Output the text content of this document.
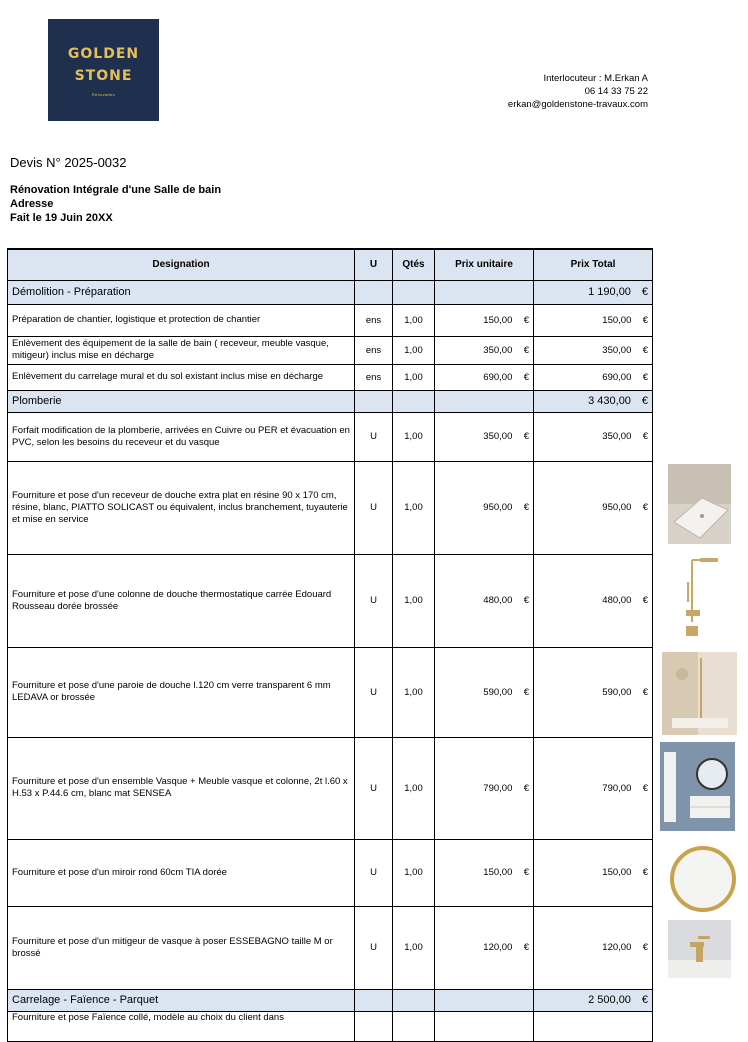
GOLDEN
STONE
Rénovation
Interlocuteur : M.Erkan A
06 14 33 75 22
erkan@goldenstone-travaux.com
Devis N° 2025-0032
Rénovation Intégrale d'une Salle de bain
Adresse
Fait le 19 Juin 20XX
Designation	U	Qtés	Prix unitaire	Prix Total
Démolition - Préparation				1 190,00 €
Préparation de chantier, logistique et protection de chantier	ens	1,00	150,00 €	150,00 €
Enlèvement des équipement de la salle de bain ( receveur, meuble vasque, mitigeur) inclus mise en décharge	ens	1,00	350,00 €	350,00 €
Enlèvement du carrelage mural et du sol existant inclus mise en décharge	ens	1,00	690,00 €	690,00 €
Plomberie				3 430,00 €
Forfait modification de la plomberie, arrivées en Cuivre ou PER et évacuation en PVC, selon les besoins du receveur et du vasque	U	1,00	350,00 €	350,00 €
Fourniture et pose d'un receveur de douche extra plat en résine 90 x 170 cm, résine, blanc, PIATTO SOLICAST ou équivalent, inclus branchement, tuyauterie et mise en service	U	1,00	950,00 €	950,00 €
Fourniture et pose d'une colonne de douche thermostatique carrée Edouard Rousseau dorée brossée	U	1,00	480,00 €	480,00 €
Fourniture et pose d'une paroie de douche l.120 cm verre transparent 6 mm LEDAVA or brossée	U	1,00	590,00 €	590,00 €
Fourniture et pose d'un ensemble Vasque + Meuble vasque et colonne, 2t l.60 x H.53 x P.44.6 cm, blanc mat SENSEA	U	1,00	790,00 €	790,00 €
Fourniture et pose d'un miroir rond 60cm TIA dorée	U	1,00	150,00 €	150,00 €
Fourniture et pose d'un mitigeur de vasque à poser ESSEBAGNO taille M or brossé	U	1,00	120,00 €	120,00 €
Carrelage - Faïence - Parquet				2 500,00 €
Fourniture et pose Faïence collé, modèle au choix du client dans				
